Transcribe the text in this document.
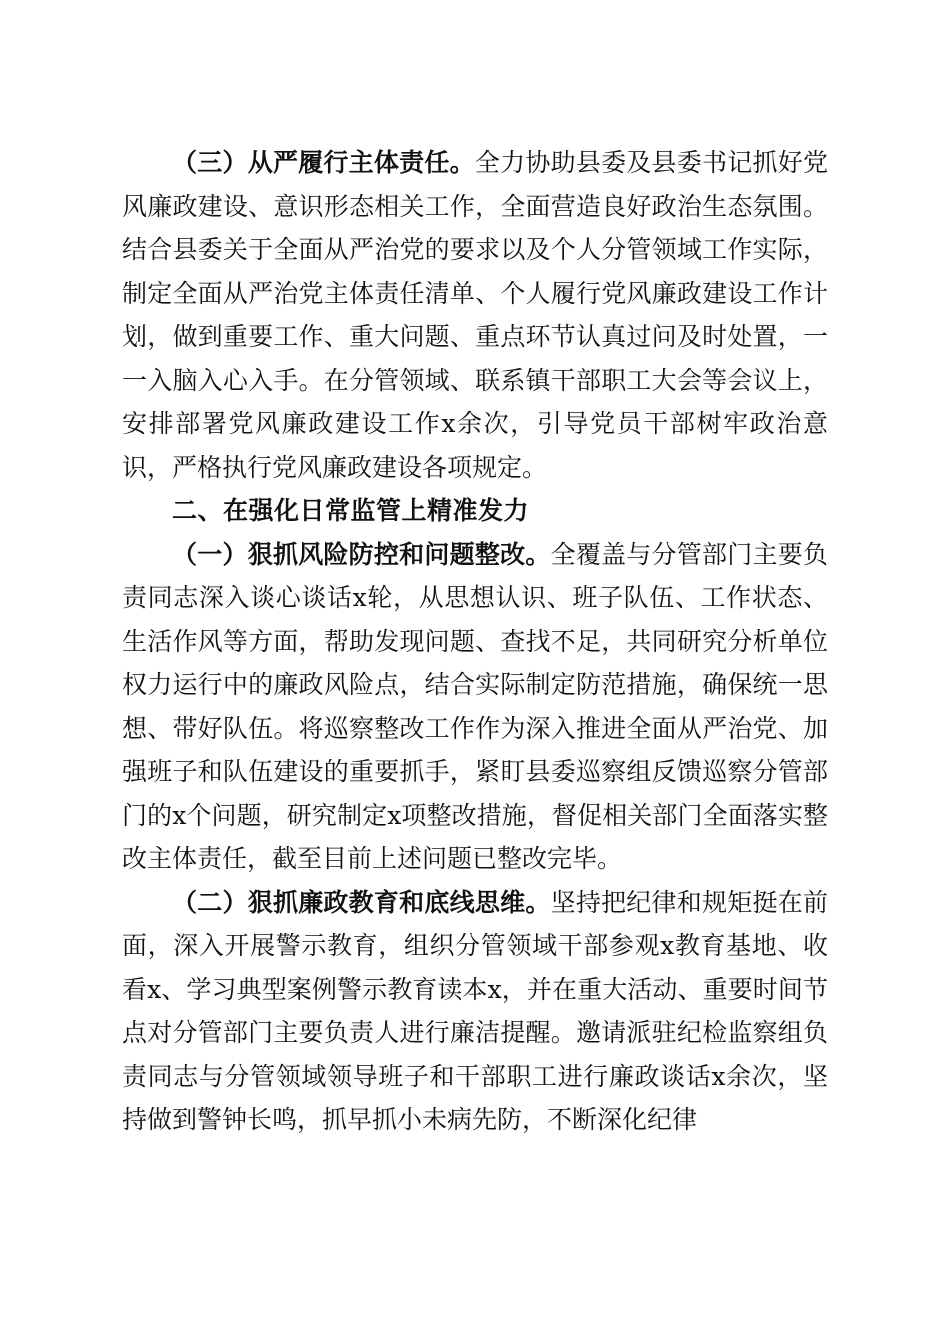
（三）从严履行主体责任。全力协助县委及县委书记抓好党风廉政建设、意识形态相关工作，全面营造良好政治生态氛围。结合县委关于全面从严治党的要求以及个人分管领域工作实际，制定全面从严治党主体责任清单、个人履行党风廉政建设工作计划，做到重要工作、重大问题、重点环节认真过问及时处置，一一入脑入心入手。在分管领域、联系镇干部职工大会等会议上，安排部署党风廉政建设工作x余次，引导党员干部树牢政治意识，严格执行党风廉政建设各项规定。

二、在强化日常监管上精准发力

（一）狠抓风险防控和问题整改。全覆盖与分管部门主要负责同志深入谈心谈话x轮，从思想认识、班子队伍、工作状态、生活作风等方面，帮助发现问题、查找不足，共同研究分析单位权力运行中的廉政风险点，结合实际制定防范措施，确保统一思想、带好队伍。将巡察整改工作作为深入推进全面从严治党、加强班子和队伍建设的重要抓手，紧盯县委巡察组反馈巡察分管部门的x个问题，研究制定x项整改措施，督促相关部门全面落实整改主体责任，截至目前上述问题已整改完毕。

（二）狠抓廉政教育和底线思维。坚持把纪律和规矩挺在前面，深入开展警示教育，组织分管领域干部参观x教育基地、收看x、学习典型案例警示教育读本x，并在重大活动、重要时间节点对分管部门主要负责人进行廉洁提醒。邀请派驻纪检监察组负责同志与分管领域领导班子和干部职工进行廉政谈话x余次，坚持做到警钟长鸣，抓早抓小未病先防，不断深化纪律
